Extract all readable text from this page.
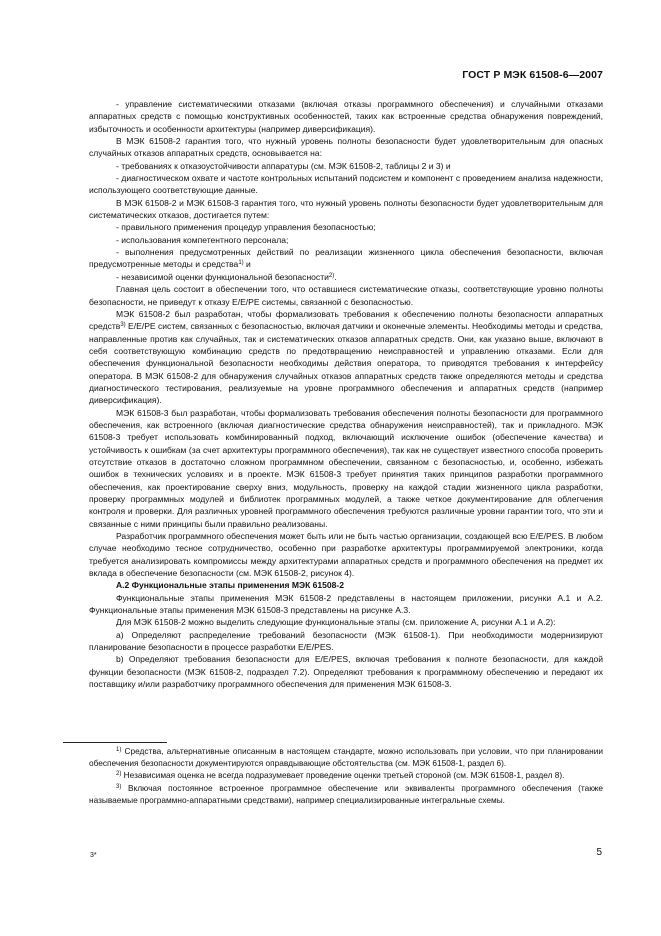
ГОСТ Р МЭК 61508-6—2007

- управление систематическими отказами (включая отказы программного обеспечения) и случайными отказами аппаратных средств с помощью конструктивных особенностей, таких как встроенные средства обнаружения повреждений, избыточность и особенности архитектуры (например диверсификация).

В МЭК 61508-2 гарантия того, что нужный уровень полноты безопасности будет удовлетворительным для опасных случайных отказов аппаратных средств, основывается на:

- требованиях к отказоустойчивости аппаратуры (см. МЭК 61508-2, таблицы 2 и 3) и

- диагностическом охвате и частоте контрольных испытаний подсистем и компонент с проведением анализа надежности, использующего соответствующие данные.

В МЭК 61508-2 и МЭК 61508-3 гарантия того, что нужный уровень полноты безопасности будет удовлетворительным для систематических отказов, достигается путем:

- правильного применения процедур управления безопасностью;

- использования компетентного персонала;

- выполнения предусмотренных действий по реализации жизненного цикла обеспечения безопасности, включая предусмотренные методы и средства$^{1)}$ и

- независимой оценки функциональной безопасности$^{2)}$.

Главная цель состоит в обеспечении того, что оставшиеся систематические отказы, соответствующие уровню полноты безопасности, не приведут к отказу E/E/PE системы, связанной с безопасностью.

МЭК 61508-2 был разработан, чтобы формализовать требования к обеспечению полноты безопасности аппаратных средств$^{3)}$ E/E/PE систем, связанных с безопасностью, включая датчики и оконечные элементы. Необходимы методы и средства, направленные против как случайных, так и систематических отказов аппаратных средств. Они, как указано выше, включают в себя соответствующую комбинацию средств по предотвращению неисправностей и управлению отказами. Если для обеспечения функциональной безопасности необходимы действия оператора, то приводятся требования к интерфейсу оператора. В МЭК 61508-2 для обнаружения случайных отказов аппаратных средств также определяются методы и средства диагностического тестирования, реализуемые на уровне программного обеспечения и аппаратных средств (например диверсификация).

МЭК 61508-3 был разработан, чтобы формализовать требования обеспечения полноты безопасности для программного обеспечения, как встроенного (включая диагностические средства обнаружения неисправностей), так и прикладного. МЭК 61508-3 требует использовать комбинированный подход, включающий исключение ошибок (обеспечение качества) и устойчивость к ошибкам (за счет архитектуры программного обеспечения), так как не существует известного способа проверить отсутствие отказов в достаточно сложном программном обеспечении, связанном с безопасностью, и, особенно, избежать ошибок в технических условиях и в проекте. МЭК 61508-3 требует принятия таких принципов разработки программного обеспечения, как проектирование сверху вниз, модульность, проверку на каждой стадии жизненного цикла разработки, проверку программных модулей и библиотек программных модулей, а также четкое документирование для облегчения контроля и проверки. Для различных уровней программного обеспечения требуются различные уровни гарантии того, что эти и связанные с ними принципы были правильно реализованы.

Разработчик программного обеспечения может быть или не быть частью организации, создающей всю E/E/PES. В любом случае необходимо тесное сотрудничество, особенно при разработке архитектуры программируемой электроники, когда требуется анализировать компромиссы между архитектурами аппаратных средств и программного обеспечения на предмет их вклада в обеспечение безопасности (см. МЭК 61508-2, рисунок 4).

А.2 Функциональные этапы применения МЭК 61508-2

Функциональные этапы применения МЭК 61508-2 представлены в настоящем приложении, рисунки А.1 и А.2. Функциональные этапы применения МЭК 61508-3 представлены на рисунке А.3.

Для МЭК 61508-2 можно выделить следующие функциональные этапы (см. приложение А, рисунки А.1 и А.2):

a) Определяют распределение требований безопасности (МЭК 61508-1). При необходимости модернизируют планирование безопасности в процессе разработки E/E/PES.

b) Определяют требования безопасности для E/E/PES, включая требования к полноте безопасности, для каждой функции безопасности (МЭК 61508-2, подраздел 7.2). Определяют требования к программному обеспечению и передают их поставщику и/или разработчику программного обеспечения для применения МЭК 61508-3.

$^{1)}$ Средства, альтернативные описанным в настоящем стандарте, можно использовать при условии, что при планировании обеспечения безопасности документируются оправдывающие обстоятельства (см. МЭК 61508-1, раздел 6).

$^{2)}$ Независимая оценка не всегда подразумевает проведение оценки третьей стороной (см. МЭК 61508-1, раздел 8).

$^{3)}$ Включая постоянное встроенное программное обеспечение или эквиваленты программного обеспечения (также называемые программно-аппаратными средствами), например специализированные интегральные схемы.

3*	5
